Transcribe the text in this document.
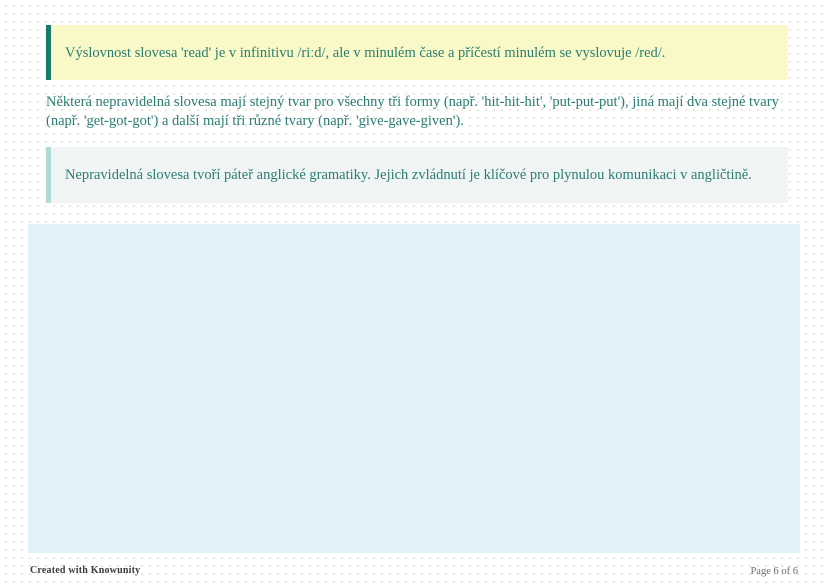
Výslovnost slovesa 'read' je v infinitivu /riːd/, ale v minulém čase a příčestí minulém se vyslovuje /red/.
Některá nepravidelná slovesa mají stejný tvar pro všechny tři formy (např. 'hit-hit-hit', 'put-put-put'), jiná mají dva stejné tvary (např. 'get-got-got') a další mají tři různé tvary (např. 'give-gave-given').
Nepravidelná slovesa tvoří páteř anglické gramatiky. Jejich zvládnutí je klíčové pro plynulou komunikaci v angličtině.
Created with Knowunity	Page 6 of 6
